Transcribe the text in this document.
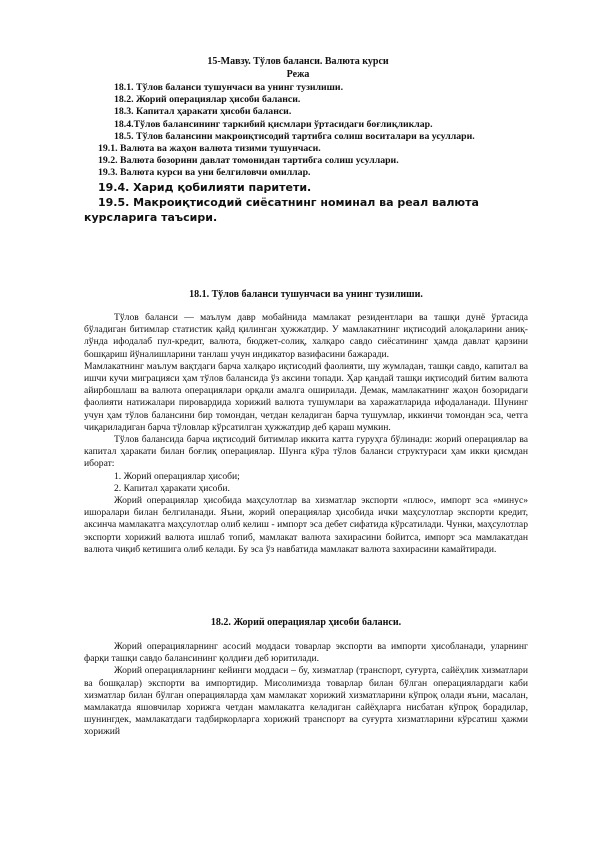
15-Мавзу. Тўлов баланси. Валюта курси
Режа
18.1. Тўлов баланси тушунчаси ва унинг тузилиши.
18.2. Жорий операциялар ҳисоби баланси.
18.3. Капитал ҳаракати ҳисоби баланси.
18.4.Тўлов балансининг таркибий қисмлари ўртасидаги боғлиқликлар.
18.5. Тўлов балансини макроиқтисодий тартибга солиш воситалари ва усуллари.
19.1. Валюта ва жаҳон валюта тизими тушунчаси.
19.2. Валюта бозорини давлат томонидан тартибга солиш усуллари.
19.3. Валюта курси ва уни белгиловчи омиллар.
19.4. Харид қобилияти паритети.
19.5. Макроиқтисодий сиёсатнинг номинал ва реал валюта курсларига таъсири.
18.1. Тўлов баланси тушунчаси ва унинг тузилиши.

Тўлов баланси — маълум давр мобайнида мамлакат резидентлари ва ташқи дунё ўртасида бўладиган битимлар статистик қайд қилинган ҳужжатдир. У мамлакатнинг иқтисодий алоқаларини аниқ-лўнда ифодалаб пул-кредит, валюта, бюджет-солиқ, халқаро савдо сиёсатининг ҳамда давлат қарзини бошқариш йўналишларини танлаш учун индикатор вазифасини бажаради.

Мамлакатнинг маълум вақтдаги барча халқаро иқтисодий фаолияти, шу жумладан, ташқи савдо, капитал ва ишчи кучи миграцияси ҳам тўлов балансида ўз аксини топади. Ҳар қандай ташқи иқтисодий битим валюта айирбошлаш ва валюта операциялари орқали амалга оширилади. Демак, мамлакатнинг жаҳон бозоридаги фаолияти натижалари пировардида хорижий валюта тушумлари ва харажатларида ифодаланади. Шунинг учун ҳам тўлов балансини бир томондан, четдан келадиган барча тушумлар, иккинчи томондан эса, четга чиқариладиган барча тўловлар кўрсатилган ҳужжатдир деб қараш мумкин.

Тўлов балансида барча иқтисодий битимлар иккита катта гуруҳга бўлинади: жорий операциялар ва капитал ҳаракати билан боғлиқ операциялар. Шунга кўра тўлов баланси структураси ҳам икки қисмдан иборат:

1. Жорий операциялар ҳисоби;

2. Капитал ҳаракати ҳисоби.

Жорий операциялар ҳисобида маҳсулотлар ва хизматлар экспорти «плюс», импорт эса «минус» ишоралари билан белгиланади. Яъни, жорий операциялар ҳисобида ички маҳсулотлар экспорти кредит, аксинча мамлакатга маҳсулотлар олиб келиш - импорт эса дебет сифатида кўрсатилади. Чунки, маҳсулотлар экспорти хорижий валюта ишлаб топиб, мамлакат валюта захирасини бойитса, импорт эса мамлакатдан валюта чиқиб кетишига олиб келади. Бу эса ўз навбатида мамлакат валюта захирасини камайтиради.

18.2. Жорий операциялар ҳисоби баланси.

Жорий операцияларнинг асосий моддаси товарлар экспорти ва импорти ҳисобланади, уларнинг фарқи ташқи савдо балансининг қолдиғи деб юритилади.

Жорий операцияларнинг кейинги моддаси – бу, хизматлар (транспорт, суғурта, сайёҳлик хизматлари ва бошқалар) экспорти ва импортидир. Мисолимизда товарлар билан бўлган операциялардаги каби хизматлар билан бўлган операцияларда ҳам мамлакат хорижий хизматларини кўпроқ олади яъни, масалан, мамлакатда яшовчилар хорижга четдан мамлакатга келадиган сайёҳларга нисбатан кўпроқ борадилар, шунингдек, мамлакатдаги тадбиркорларга хорижий транспорт ва суғурта хизматларини кўрсатиш ҳажми хорижий
